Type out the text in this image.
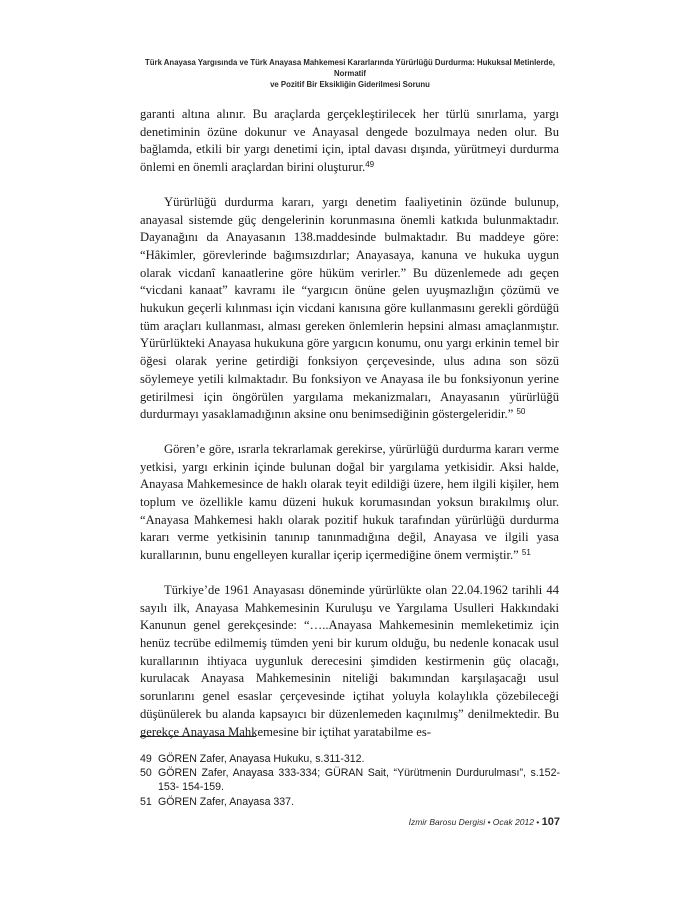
Türk Anayasa Yargısında ve Türk Anayasa Mahkemesi Kararlarında Yürürlüğü Durdurma: Hukuksal Metinlerde, Normatif
ve Pozitif Bir Eksikliğin Giderilmesi Sorunu

garanti altına alınır. Bu araçlarda gerçekleştirilecek her türlü sınırlama, yargı denetiminin özüne dokunur ve Anayasal dengede bozulmaya neden olur. Bu bağlamda, etkili bir yargı denetimi için, iptal davası dışında, yürütmeyi durdurma önlemi en önemli araçlardan birini oluşturur.$^{49}$

Yürürlüğü durdurma kararı, yargı denetim faaliyetinin özünde bulunup, anayasal sistemde güç dengelerinin korunmasına önemli katkıda bulunmaktadır. Dayanağını da Anayasanın 138.maddesinde bulmaktadır. Bu maddeye göre: “Hâkimler, görevlerinde bağımsızdırlar; Anayasaya, kanuna ve hukuka uygun olarak vicdanî kanaatlerine göre hüküm verirler.” Bu düzenlemede adı geçen “vicdani kanaat” kavramı ile “yargıcın önüne gelen uyuşmazlığın çözümü ve hukukun geçerli kılınması için vicdani kanısına göre kullanmasını gerekli gördüğü tüm araçları kullanması, alması gereken önlemlerin hepsini alması amaçlanmıştır. Yürürlükteki Anayasa hukukuna göre yargıcın konumu, onu yargı erkinin temel bir öğesi olarak yerine getirdiği fonksiyon çerçevesinde, ulus adına son sözü söylemeye yetili kılmaktadır. Bu fonksiyon ve Anayasa ile bu fonksiyonun yerine getirilmesi için öngörülen yargılama mekanizmaları, Anayasanın yürürlüğü durdurmayı yasaklamadığının aksine onu benimsediğinin göstergeleridir.” $^{50}$

Gören’e göre, ısrarla tekrarlamak gerekirse, yürürlüğü durdurma kararı verme yetkisi, yargı erkinin içinde bulunan doğal bir yargılama yetkisidir. Aksi halde, Anayasa Mahkemesince de haklı olarak teyit edildiği üzere, hem ilgili kişiler, hem toplum ve özellikle kamu düzeni hukuk korumasından yoksun bırakılmış olur. “Anayasa Mahkemesi haklı olarak pozitif hukuk tarafından yürürlüğü durdurma kararı verme yetkisinin tanınıp tanınmadığına değil, Anayasa ve ilgili yasa kurallarının, bunu engelleyen kurallar içerip içermediğine önem vermiştir.” $^{51}$

Türkiye’de 1961 Anayasası döneminde yürürlükte olan 22.04.1962 tarihli 44 sayılı ilk, Anayasa Mahkemesinin Kuruluşu ve Yargılama Usulleri Hakkındaki Kanunun genel gerekçesinde: “…..Anayasa Mahkemesinin memleketimiz için henüz tecrübe edilmemiş tümden yeni bir kurum olduğu, bu nedenle konacak usul kurallarının ihtiyaca uygunluk derecesini şimdiden kestirmenin güç olacağı, kurulacak Anayasa Mahkemesinin niteliği bakımından karşılaşacağı usul sorunlarını genel esaslar çerçevesinde içtihat yoluyla kolaylıkla çözebileceği düşünülerek bu alanda kapsayıcı bir düzenlemeden kaçınılmış” denilmektedir. Bu gerekçe Anayasa Mahkemesine bir içtihat yaratabilme es-

49 GÖREN Zafer, Anayasa Hukuku, s.311-312.
50 GÖREN Zafer, Anayasa 333-334; GÜRAN Sait, “Yürütmenin Durdurulması”, s.152-153- 154-159.
51 GÖREN Zafer, Anayasa 337.
İzmir Barosu Dergisi • Ocak 2012 • 107
